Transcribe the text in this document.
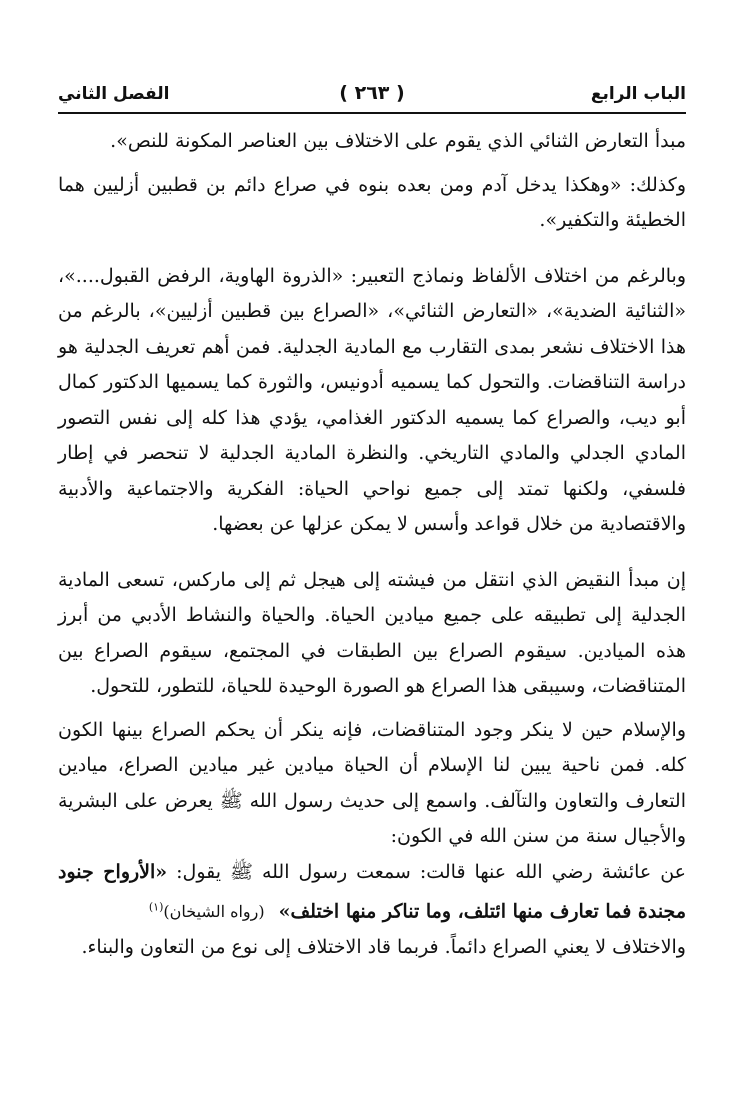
الباب الرابع
( ٢٦٣ )
الفصل الثاني

مبدأ التعارض الثنائي الذي يقوم على الاختلاف بين العناصر المكونة للنص».

وكذلك: «وهكذا يدخل آدم ومن بعده بنوه في صراع دائم بن قطبين أزليين هما الخطيئة والتكفير».

وبالرغم من اختلاف الألفاظ ونماذج التعبير: «الذروة الهاوية، الرفض القبول....»، «الثنائية الضدية»، «التعارض الثنائي»، «الصراع بين قطبين أزليين»، بالرغم من هذا الاختلاف نشعر بمدى التقارب مع المادية الجدلية. فمن أهم تعريف الجدلية هو دراسة التناقضات. والتحول كما يسميه أدونيس، والثورة كما يسميها الدكتور كمال أبو ديب، والصراع كما يسميه الدكتور الغذامي، يؤدي هذا كله إلى نفس التصور المادي الجدلي والمادي التاريخي. والنظرة المادية الجدلية لا تنحصر في إطار فلسفي، ولكنها تمتد إلى جميع نواحي الحياة: الفكرية والاجتماعية والأدبية والاقتصادية من خلال قواعد وأسس لا يمكن عزلها عن بعضها.

إن مبدأ النقيض الذي انتقل من فيشته إلى هيجل ثم إلى ماركس، تسعى المادية الجدلية إلى تطبيقه على جميع ميادين الحياة. والحياة والنشاط الأدبي من أبرز هذه الميادين. سيقوم الصراع بين الطبقات في المجتمع، سيقوم الصراع بين المتناقضات، وسيبقى هذا الصراع هو الصورة الوحيدة للحياة، للتطور، للتحول.

والإسلام حين لا ينكر وجود المتناقضات، فإنه ينكر أن يحكم الصراع بينها الكون كله. فمن ناحية يبين لنا الإسلام أن الحياة ميادين غير ميادين الصراع، ميادين التعارف والتعاون والتآلف. واسمع إلى حديث رسول الله ﷺ يعرض على البشرية والأجيال سنة من سنن الله في الكون:

عن عائشة رضي الله عنها قالت: سمعت رسول الله ﷺ يقول: «الأرواح جنود مجندة فما تعارف منها ائتلف، وما تناكر منها اختلف»(رواه الشيخان)$^{(١)}$

والاختلاف لا يعني الصراع دائماً. فربما قاد الاختلاف إلى نوع من التعاون والبناء.
